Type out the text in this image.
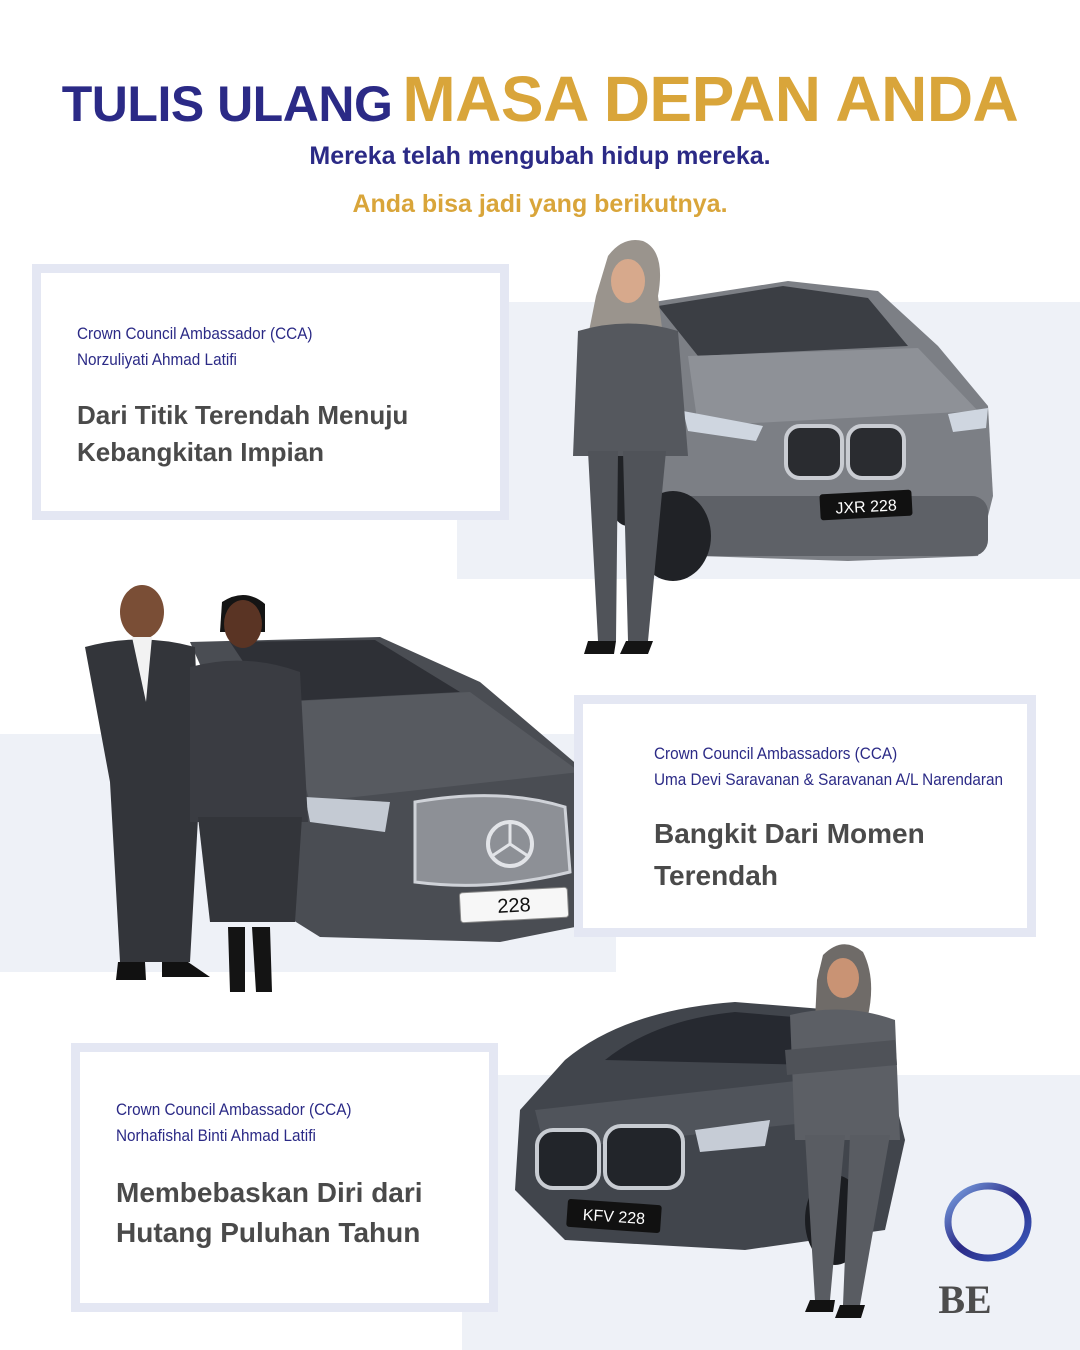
TULIS ULANG MASA DEPAN ANDA
Mereka telah mengubah hidup mereka.
Anda bisa jadi yang berikutnya.
Crown Council Ambassador (CCA)
Norzuliyati Ahmad Latifi
Dari Titik Terendah Menuju
Kebangkitan Impian
JXR 228
228
Crown Council Ambassadors (CCA)
Uma Devi Saravanan & Saravanan A/L Narendaran
Bangkit Dari Momen
Terendah
Crown Council Ambassador (CCA)
Norhafishal Binti Ahmad Latifi
Membebaskan Diri dari
Hutang Puluhan Tahun	KFV 228
BE
